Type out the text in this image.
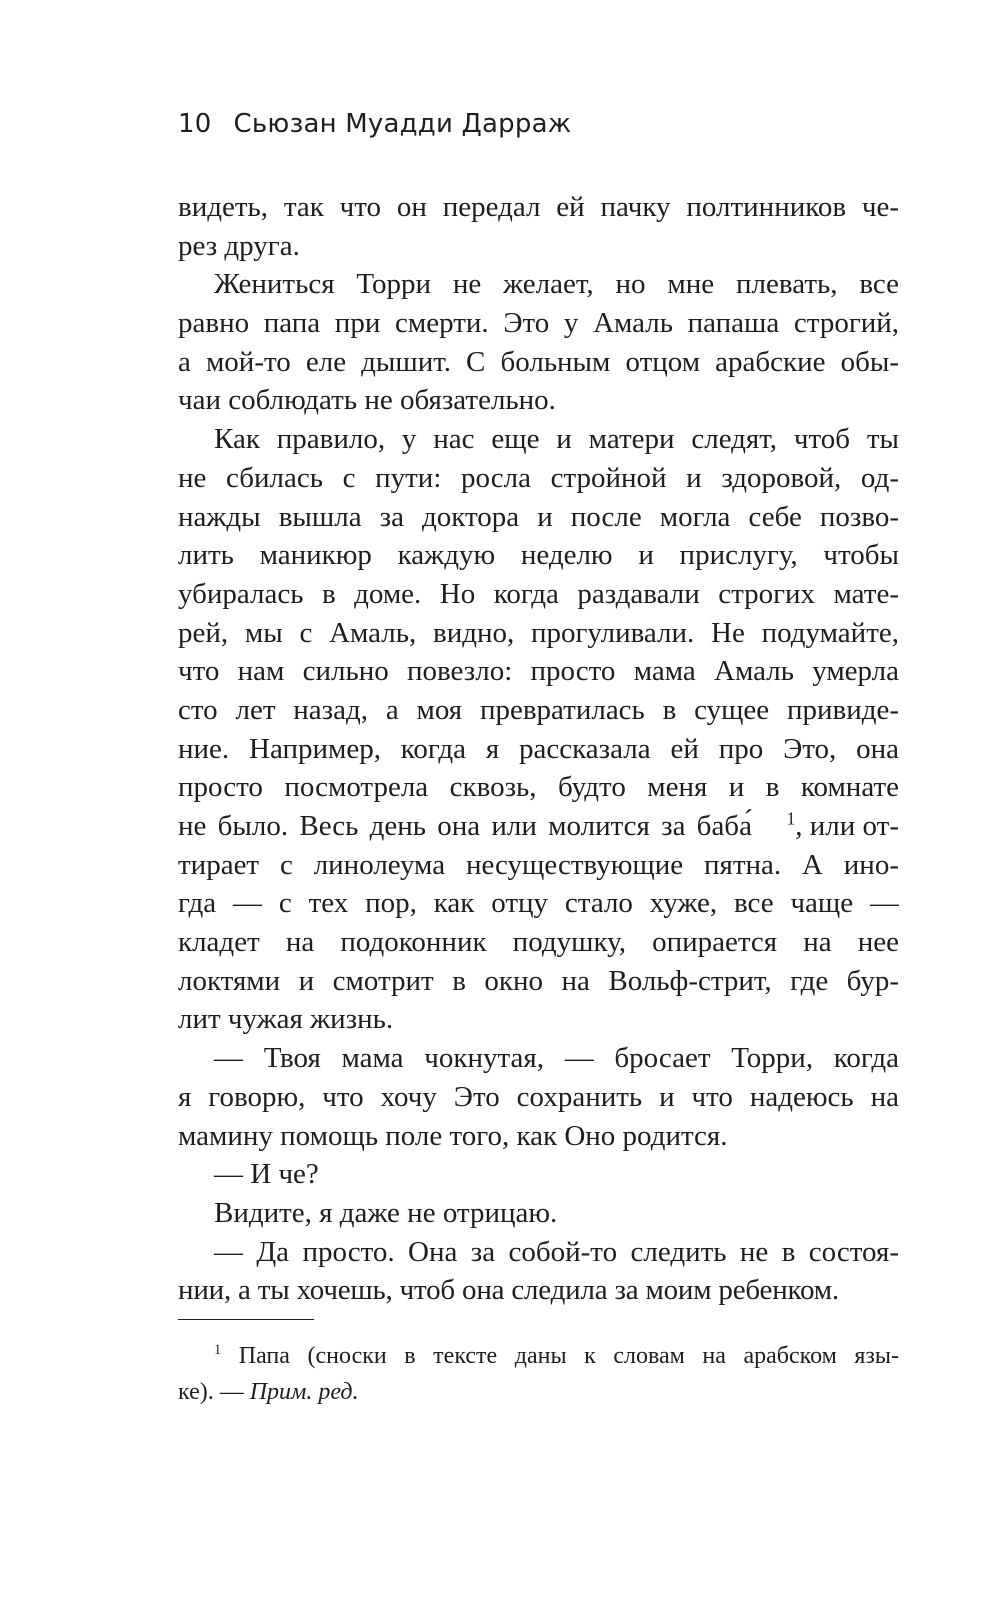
10 Сьюзан Муадди Дарраж
видеть, так что он передал ей пачку полтинников че-
рез друга.
Жениться Торри не желает, но мне плевать, все
равно папа при смерти. Это у Амаль папаша строгий,
а мой-то еле дышит. С больным отцом арабские обы-
чаи соблюдать не обязательно.
Как правило, у нас еще и матери следят, чтоб ты
не сбилась с пути: росла стройной и здоровой, од-
нажды вышла за доктора и после могла себе позво-
лить маникюр каждую неделю и прислугу, чтобы
убиралась в доме. Но когда раздавали строгих мате-
рей, мы с Амаль, видно, прогуливали. Не подумайте,
что нам сильно повезло: просто мама Амаль умерла
сто лет назад, а моя превратилась в сущее привиде-
ние. Например, когда я рассказала ей про Это, она
просто посмотрела сквозь, будто меня и в комнате
не было. Весь день она или молится за баба́ $^1$, или от-
тирает с линолеума несуществующие пятна. А ино-
гда — с тех пор, как отцу стало хуже, все чаще —
кладет на подоконник подушку, опирается на нее
локтями и смотрит в окно на Вольф-стрит, где бур-
лит чужая жизнь.
— Твоя мама чокнутая, — бросает Торри, когда
я говорю, что хочу Это сохранить и что надеюсь на
мамину помощь поле того, как Оно родится.
— И че?
Видите, я даже не отрицаю.
— Да просто. Она за собой-то следить не в состоя-
нии, а ты хочешь, чтоб она следила за моим ребенком.
$^1$ Папа (сноски в тексте даны к словам на арабском язы-
ке). — Прим. ред.
